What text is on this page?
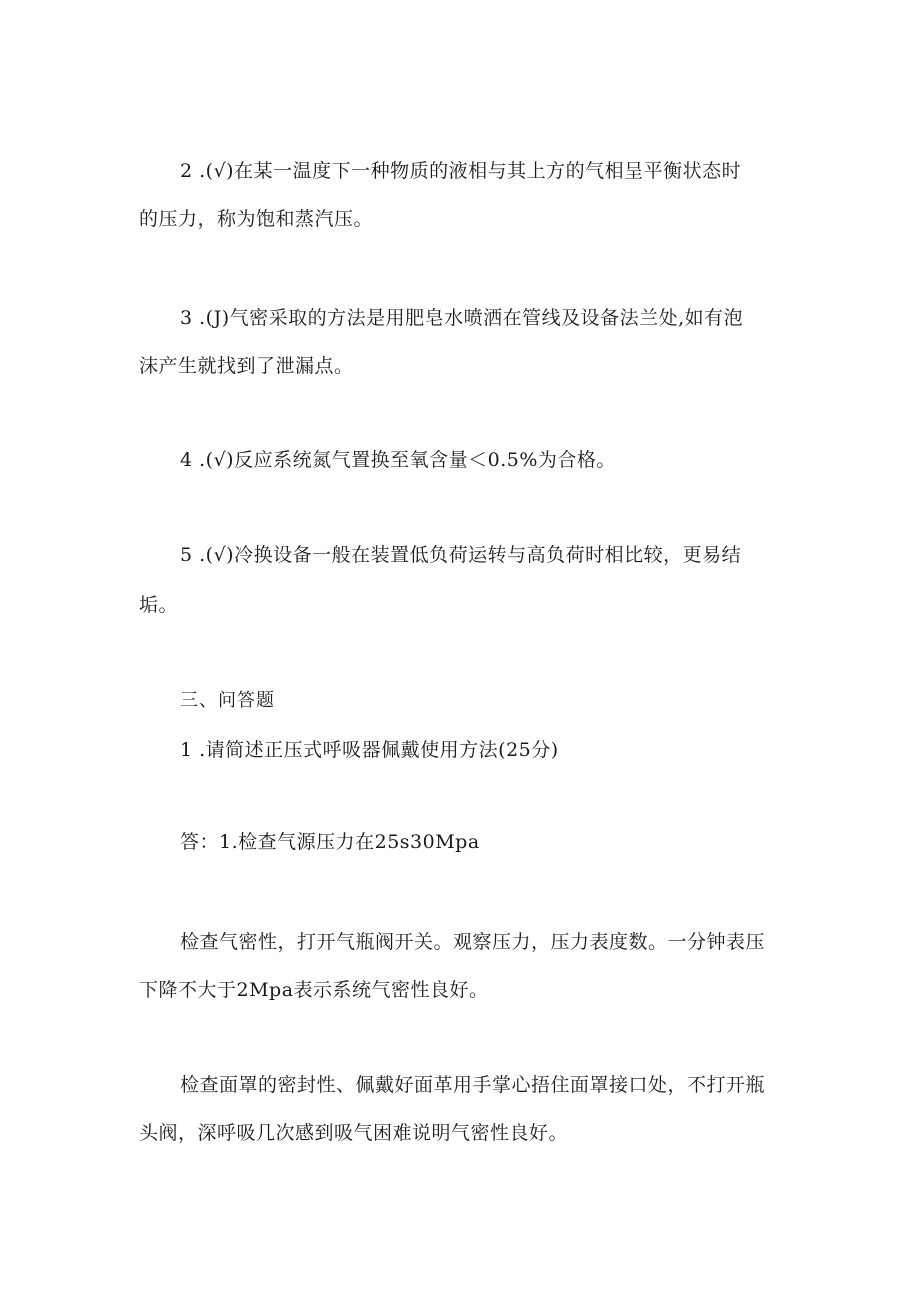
2 .(√)在某一温度下一种物质的液相与其上方的气相呈平衡状态时
的压力，称为饱和蒸汽压。
3 .(J)气密采取的方法是用肥皂水喷洒在管线及设备法兰处,如有泡
沫产生就找到了泄漏点。
4 .(√)反应系统氮气置换至氧含量＜0.5%为合格。
5 .(√)冷换设备一般在装置低负荷运转与高负荷时相比较，更易结
垢。
三、问答题
1 .请简述正压式呼吸器佩戴使用方法(25分)
答：1.检查气源压力在25s30Mpa
检查气密性，打开气瓶阀开关。观察压力，压力表度数。一分钟表压
下降不大于2Mpa表示系统气密性良好。
检查面罩的密封性、佩戴好面革用手掌心捂住面罩接口处，不打开瓶
头阀，深呼吸几次感到吸气困难说明气密性良好。
